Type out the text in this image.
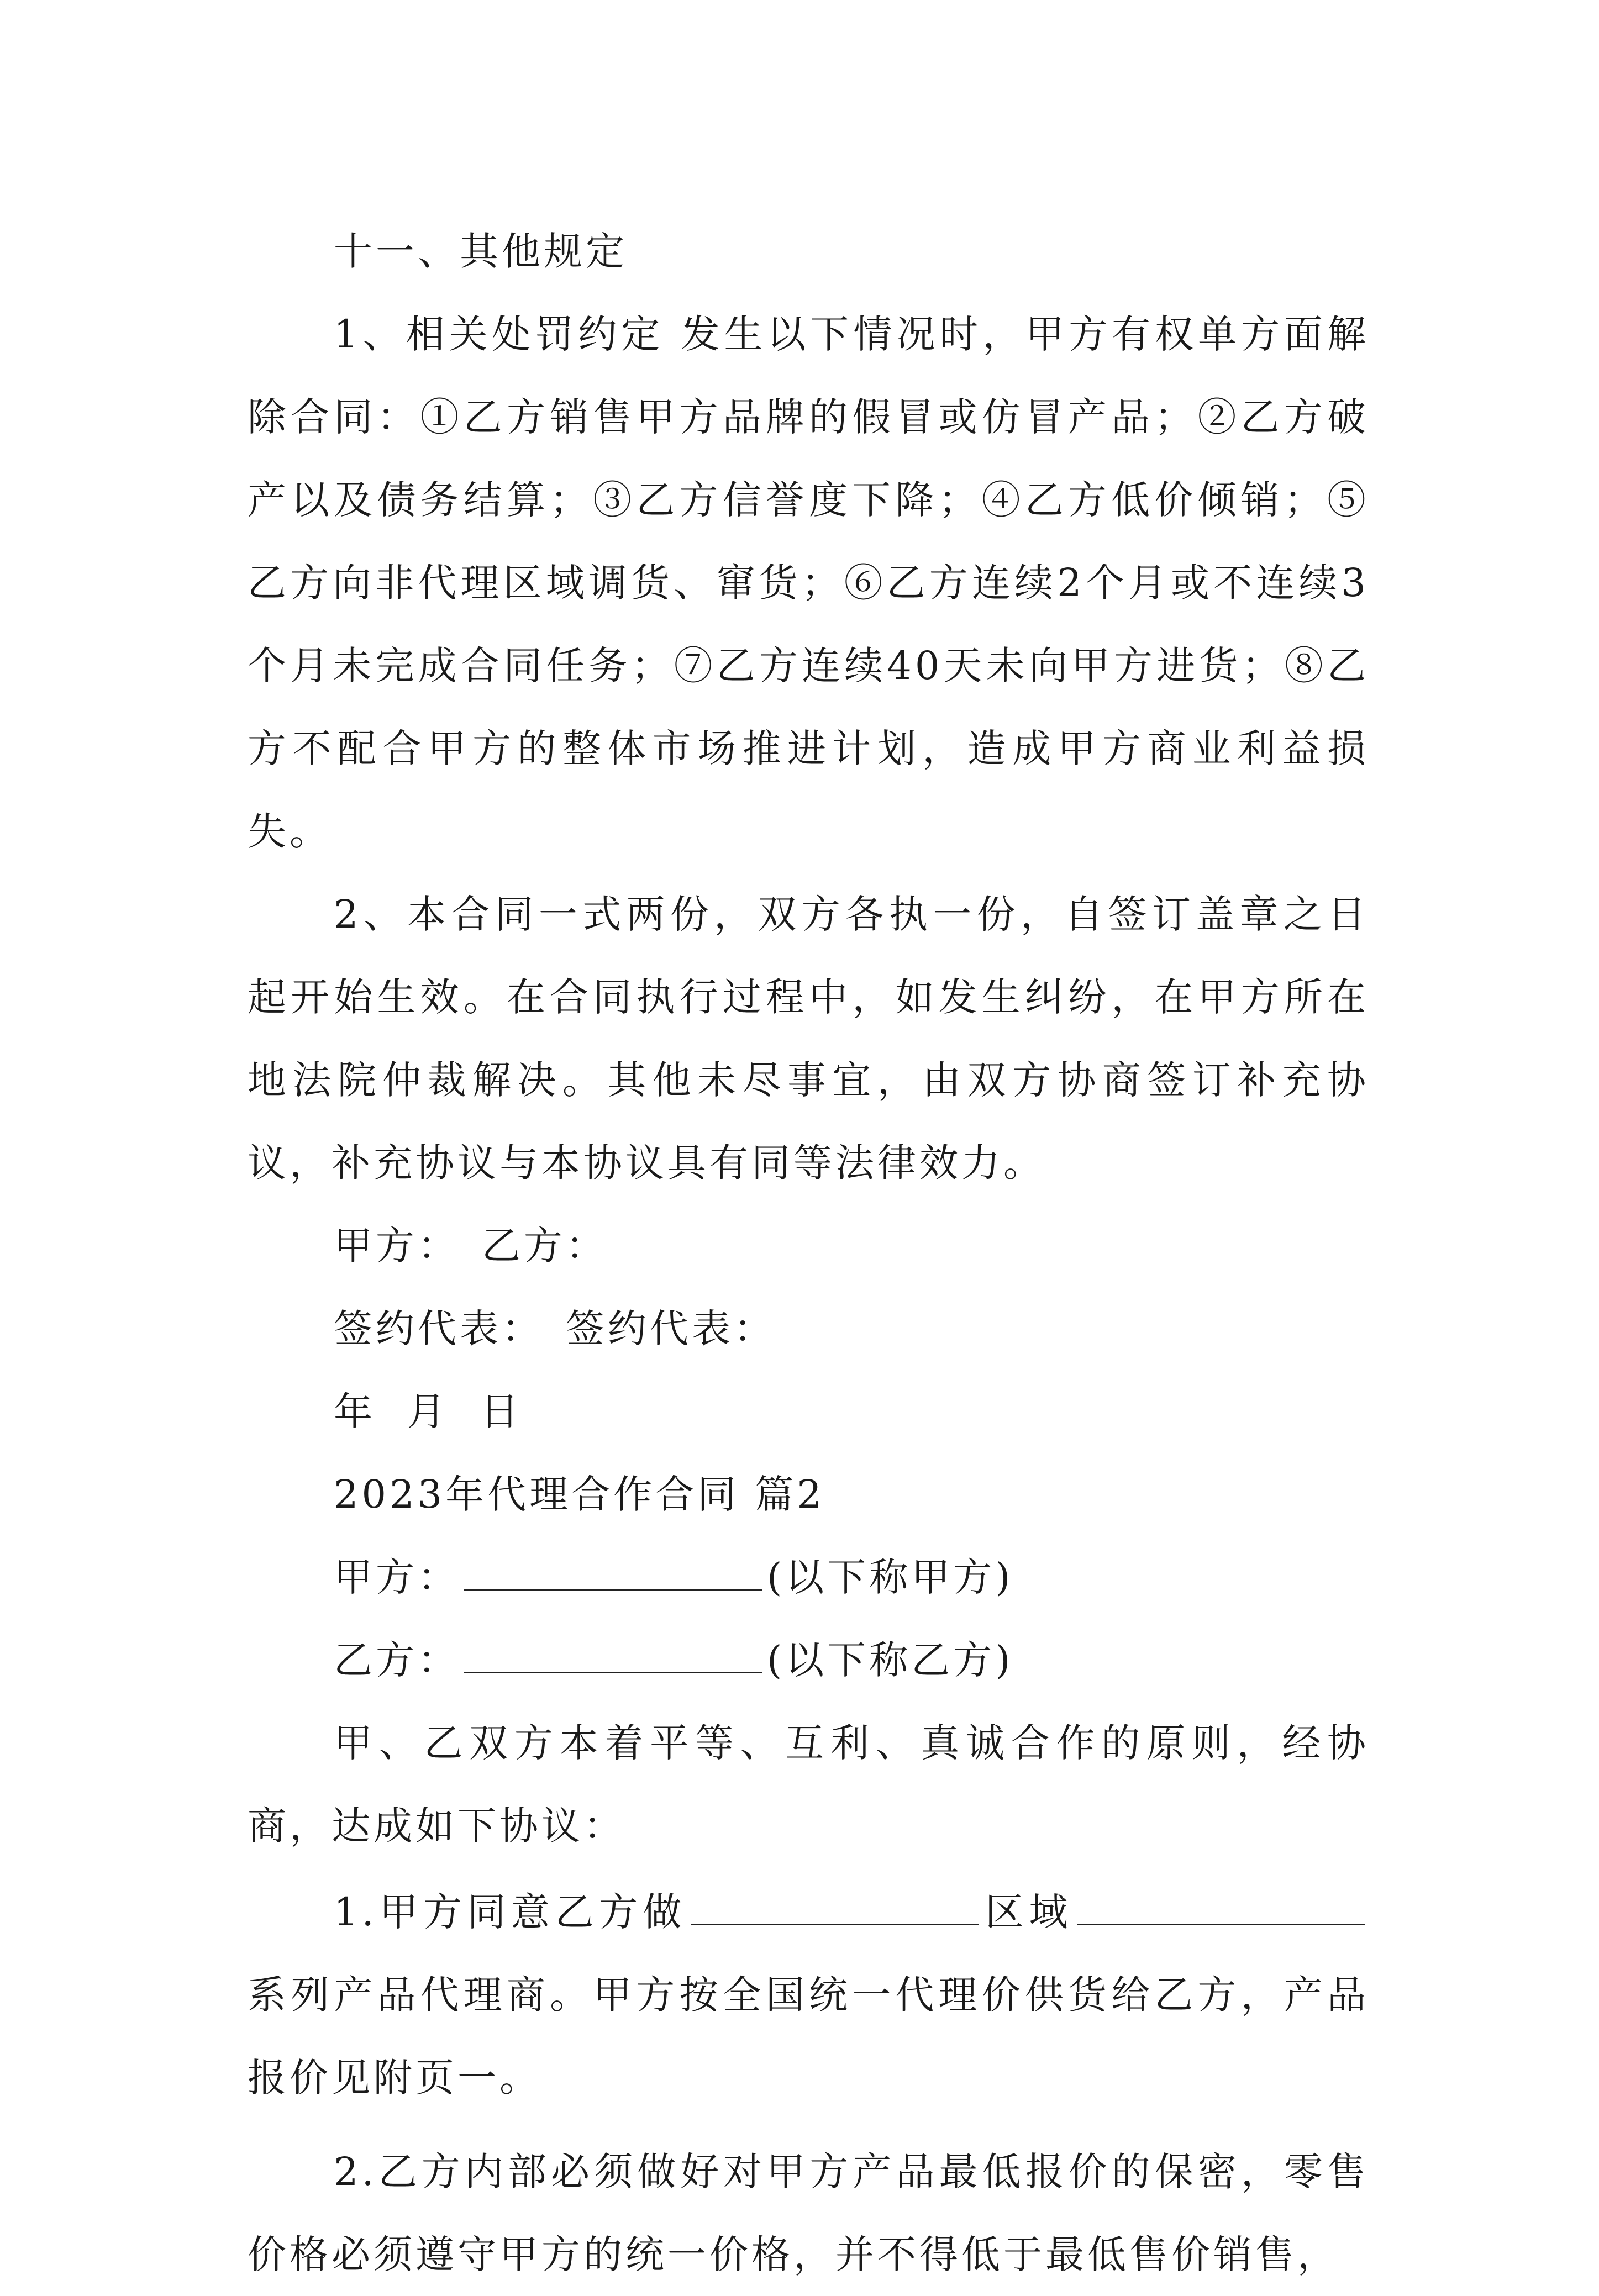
十一、其他规定

1、相关处罚约定 发生以下情况时，甲方有权单方面解除合同：①乙方销售甲方品牌的假冒或仿冒产品；②乙方破产以及债务结算；③乙方信誉度下降；④乙方低价倾销；⑤乙方向非代理区域调货、窜货；⑥乙方连续2个月或不连续3个月未完成合同任务；⑦乙方连续40天未向甲方进货；⑧乙方不配合甲方的整体市场推进计划，造成甲方商业利益损失。

2、本合同一式两份，双方各执一份，自签订盖章之日起开始生效。在合同执行过程中，如发生纠纷，在甲方所在地法院仲裁解决。其他未尽事宜，由双方协商签订补充协议，补充协议与本协议具有同等法律效力。

甲方： 乙方：

签约代表： 签约代表：

年  月  日

2023年代理合作合同 篇2

甲方：	(以下称甲方)

乙方：	(以下称乙方)

甲、乙双方本着平等、互利、真诚合作的原则，经协商，达成如下协议：

1.甲方同意乙方做	区域系列产品代理商。甲方按全国统一代理价供货给乙方，产品报价见附页一。

2.乙方内部必须做好对甲方产品最低报价的保密，零售价格必须遵守甲方的统一价格，并不得低于最低售价销售，
